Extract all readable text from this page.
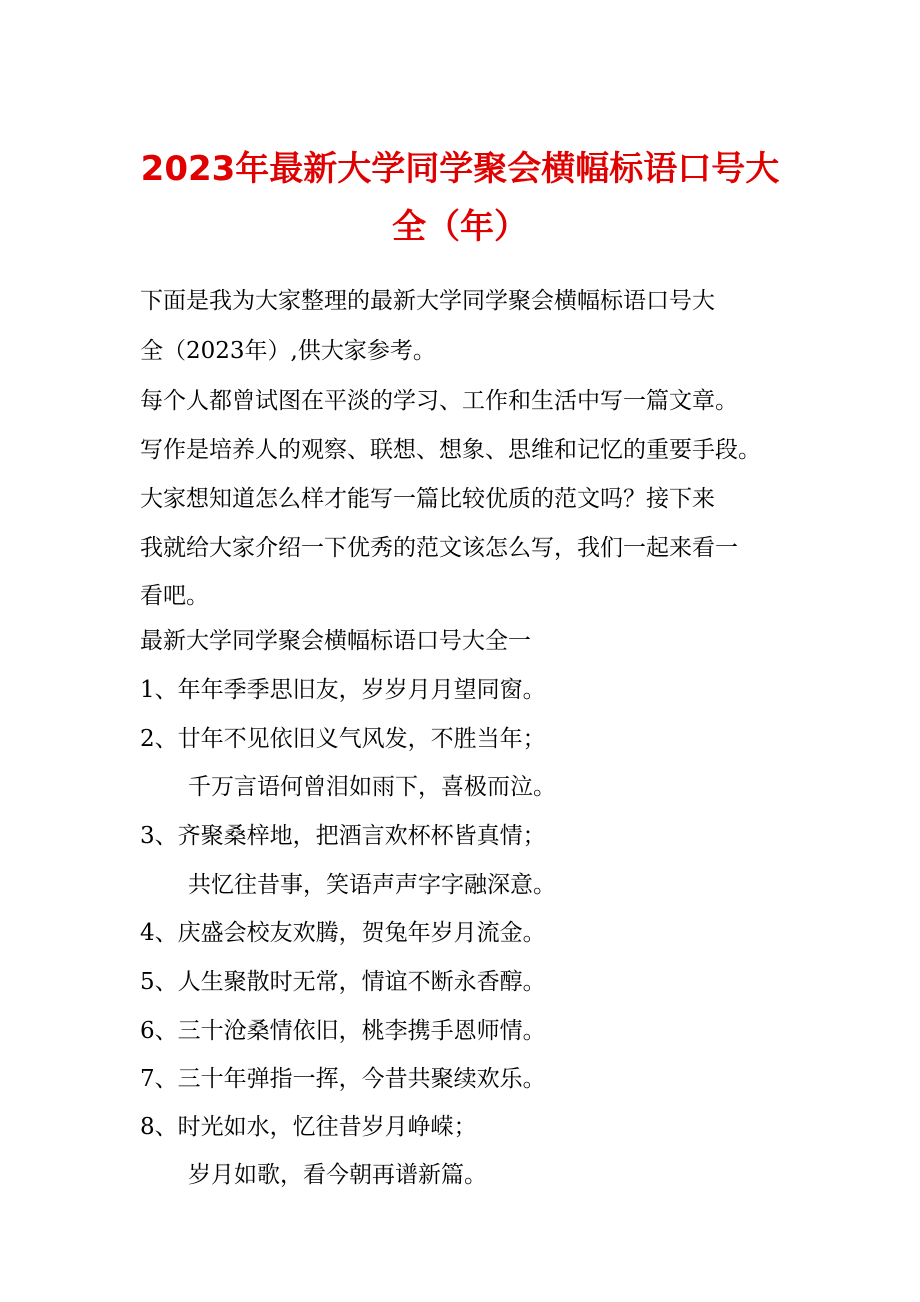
2023年最新大学同学聚会横幅标语口号大
全（年）

下面是我为大家整理的最新大学同学聚会横幅标语口号大

全（2023年）,供大家参考。

每个人都曾试图在平淡的学习、工作和生活中写一篇文章。

写作是培养人的观察、联想、想象、思维和记忆的重要手段。

大家想知道怎么样才能写一篇比较优质的范文吗？接下来

我就给大家介绍一下优秀的范文该怎么写，我们一起来看一

看吧。

最新大学同学聚会横幅标语口号大全一

1、年年季季思旧友，岁岁月月望同窗。

2、廿年不见依旧义气风发，不胜当年；

千万言语何曾泪如雨下，喜极而泣。

3、齐聚桑梓地，把酒言欢杯杯皆真情；

共忆往昔事，笑语声声字字融深意。

4、庆盛会校友欢腾，贺兔年岁月流金。

5、人生聚散时无常，情谊不断永香醇。

6、三十沧桑情依旧，桃李携手恩师情。

7、三十年弹指一挥，今昔共聚续欢乐。

8、时光如水，忆往昔岁月峥嵘；

岁月如歌，看今朝再谱新篇。
